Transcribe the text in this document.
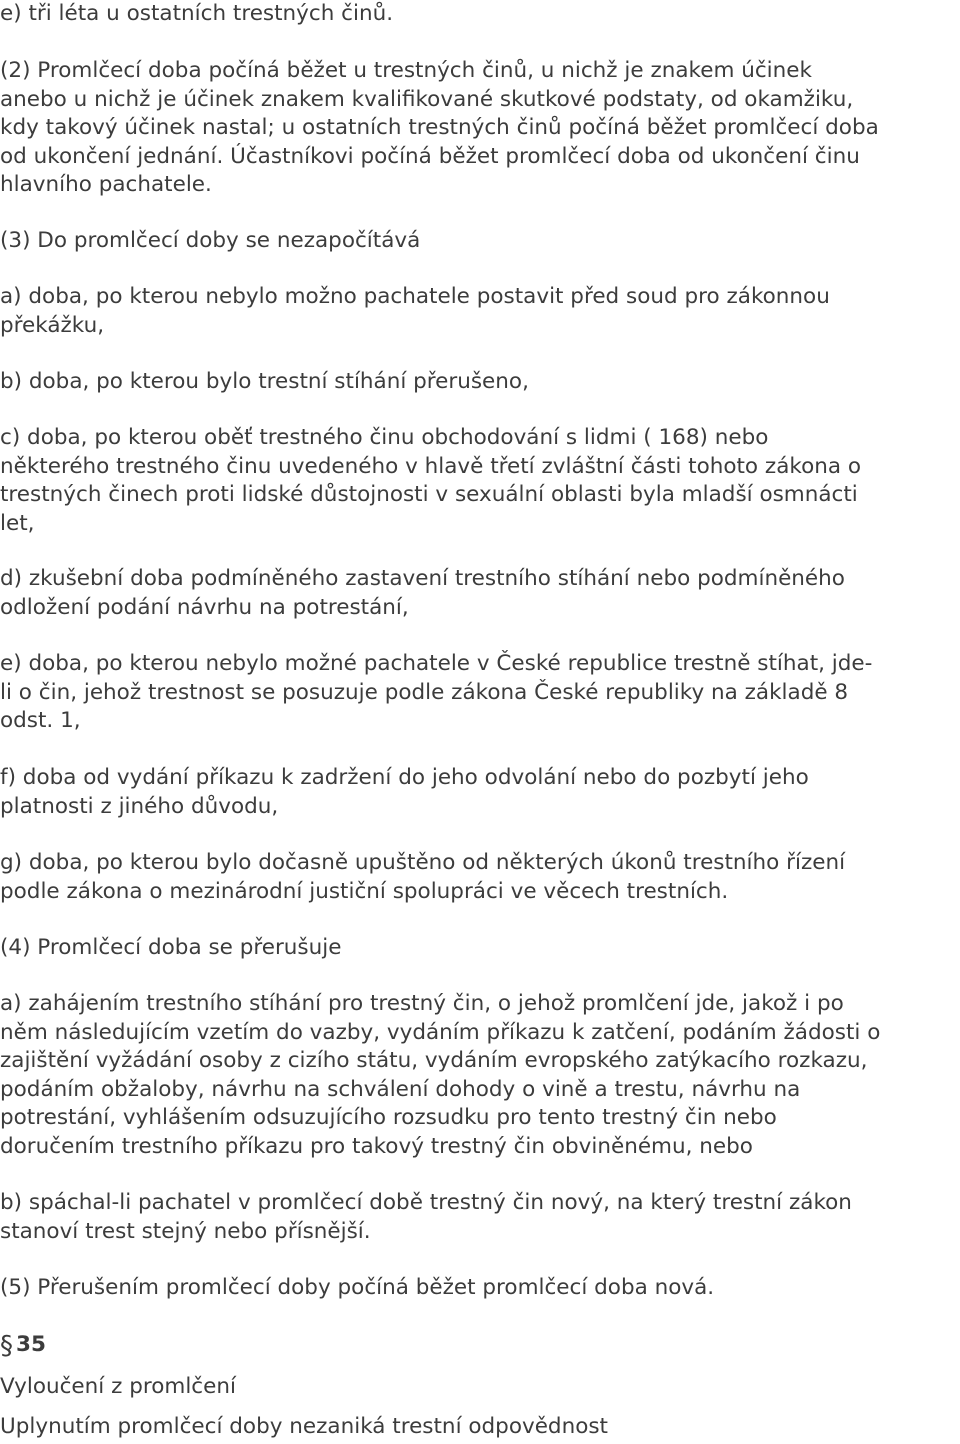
e) tři léta u ostatních trestných činů.
(2) Promlčecí doba počíná běžet u trestných činů, u nichž je znakem účinek
anebo u nichž je účinek znakem kvalifikované skutkové podstaty, od okamžiku,
kdy takový účinek nastal; u ostatních trestných činů počíná běžet promlčecí doba
od ukončení jednání. Účastníkovi počíná běžet promlčecí doba od ukončení činu
hlavního pachatele.
(3) Do promlčecí doby se nezapočítává
a) doba, po kterou nebylo možno pachatele postavit před soud pro zákonnou
překážku,
b) doba, po kterou bylo trestní stíhání přerušeno,
c) doba, po kterou oběť trestného činu obchodování s lidmi ( 168) nebo
některého trestného činu uvedeného v hlavě třetí zvláštní části tohoto zákona o
trestných činech proti lidské důstojnosti v sexuální oblasti byla mladší osmnácti
let,
d) zkušební doba podmíněného zastavení trestního stíhání nebo podmíněného
odložení podání návrhu na potrestání,
e) doba, po kterou nebylo možné pachatele v České republice trestně stíhat, jde-
li o čin, jehož trestnost se posuzuje podle zákona České republiky na základě 8
odst. 1,
f) doba od vydání příkazu k zadržení do jeho odvolání nebo do pozbytí jeho
platnosti z jiného důvodu,
g) doba, po kterou bylo dočasně upuštěno od některých úkonů trestního řízení
podle zákona o mezinárodní justiční spolupráci ve věcech trestních.
(4) Promlčecí doba se přerušuje
a) zahájením trestního stíhání pro trestný čin, o jehož promlčení jde, jakož i po
něm následujícím vzetím do vazby, vydáním příkazu k zatčení, podáním žádosti o
zajištění vyžádání osoby z cizího státu, vydáním evropského zatýkacího rozkazu,
podáním obžaloby, návrhu na schválení dohody o vině a trestu, návrhu na
potrestání, vyhlášením odsuzujícího rozsudku pro tento trestný čin nebo
doručením trestního příkazu pro takový trestný čin obviněnému, nebo
b) spáchal-li pachatel v promlčecí době trestný čin nový, na který trestní zákon
stanoví trest stejný nebo přísnější.
(5) Přerušením promlčecí doby počíná běžet promlčecí doba nová.
§ 35
Vyloučení z promlčení
Uplynutím promlčecí doby nezaniká trestní odpovědnost
